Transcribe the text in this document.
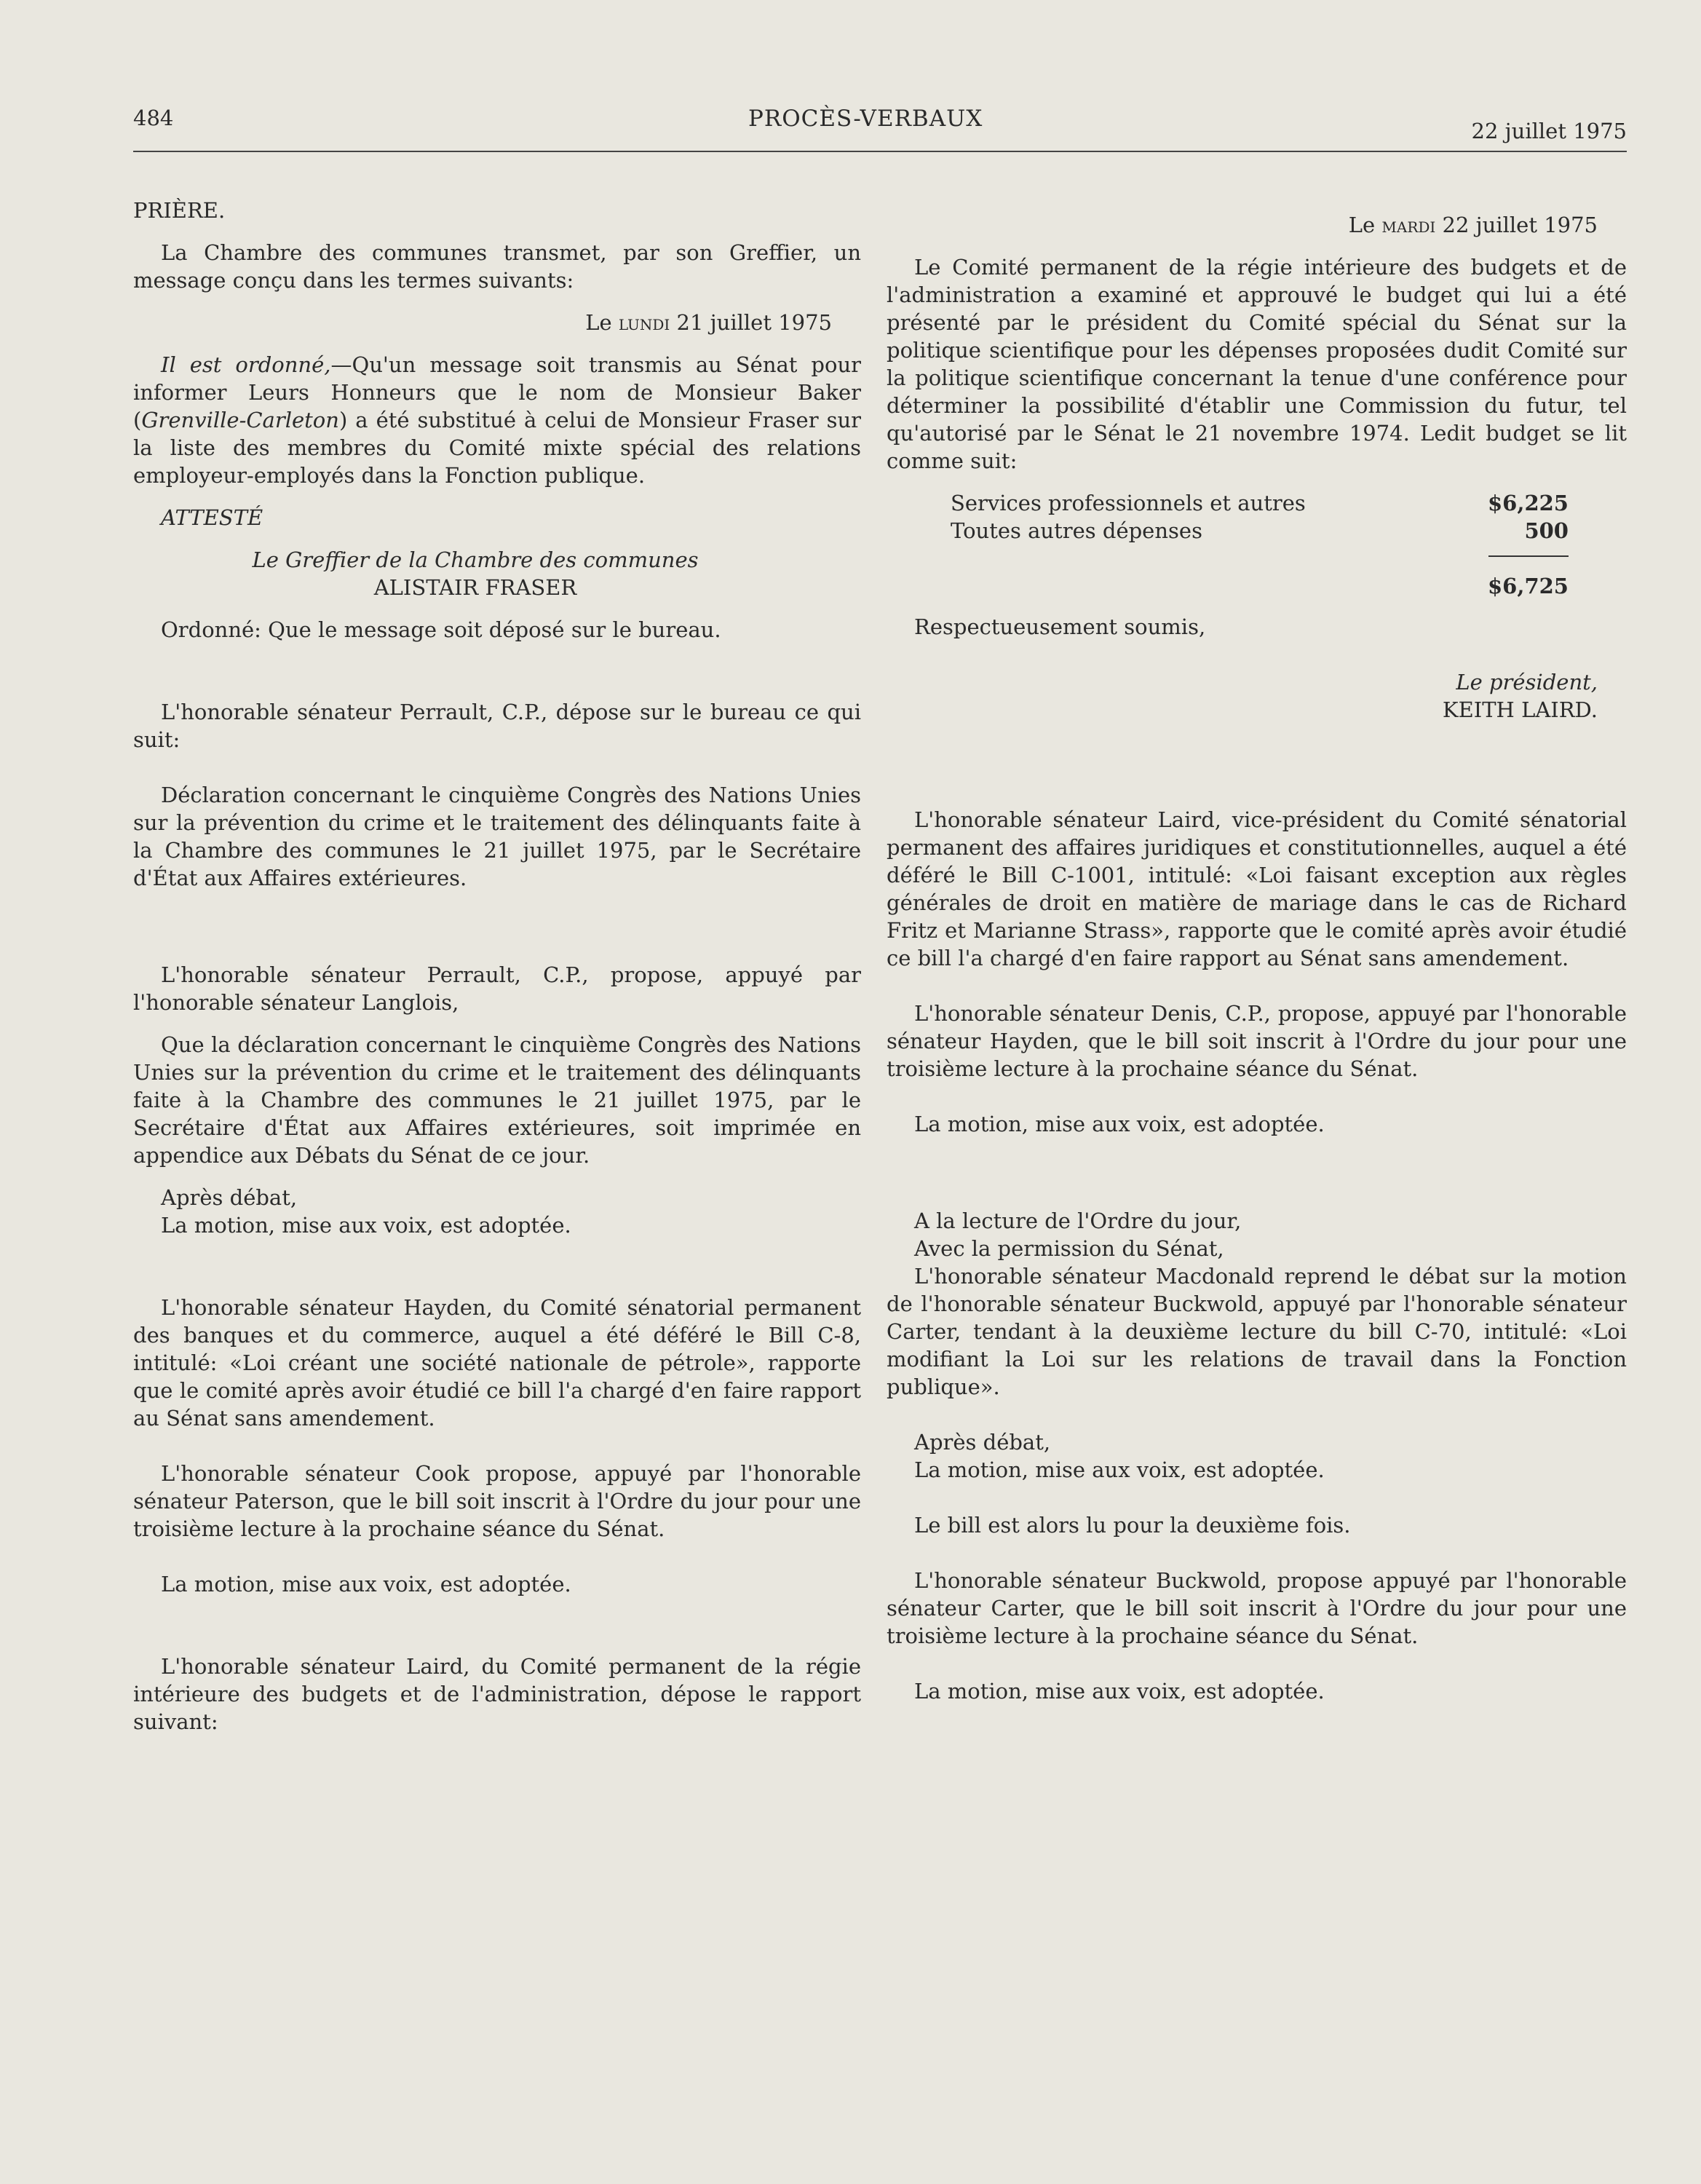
484	PROCÈS-VERBAUX	22 juillet 1975

PRIÈRE.

La Chambre des communes transmet, par son Greffier, un message conçu dans les termes suivants:

Le lundi 21 juillet 1975

Il est ordonné,—Qu'un message soit transmis au Sénat pour informer Leurs Honneurs que le nom de Monsieur Baker (Grenville-Carleton) a été substitué à celui de Monsieur Fraser sur la liste des membres du Comité mixte spécial des relations employeur-employés dans la Fonction publique.

ATTESTÉ

Le Greffier de la Chambre des communes

ALISTAIR FRASER

Ordonné: Que le message soit déposé sur le bureau.

L'honorable sénateur Perrault, C.P., dépose sur le bureau ce qui suit:

Déclaration concernant le cinquième Congrès des Nations Unies sur la prévention du crime et le traitement des délinquants faite à la Chambre des communes le 21 juillet 1975, par le Secrétaire d'État aux Affaires extérieures.

L'honorable sénateur Perrault, C.P., propose, appuyé par l'honorable sénateur Langlois,

Que la déclaration concernant le cinquième Congrès des Nations Unies sur la prévention du crime et le traitement des délinquants faite à la Chambre des communes le 21 juillet 1975, par le Secrétaire d'État aux Affaires extérieures, soit imprimée en appendice aux Débats du Sénat de ce jour.

Après débat,

La motion, mise aux voix, est adoptée.

L'honorable sénateur Hayden, du Comité sénatorial permanent des banques et du commerce, auquel a été déféré le Bill C-8, intitulé: «Loi créant une société nationale de pétrole», rapporte que le comité après avoir étudié ce bill l'a chargé d'en faire rapport au Sénat sans amendement.

L'honorable sénateur Cook propose, appuyé par l'honorable sénateur Paterson, que le bill soit inscrit à l'Ordre du jour pour une troisième lecture à la prochaine séance du Sénat.

La motion, mise aux voix, est adoptée.

L'honorable sénateur Laird, du Comité permanent de la régie intérieure des budgets et de l'administration, dépose le rapport suivant:

Le mardi 22 juillet 1975

Le Comité permanent de la régie intérieure des budgets et de l'administration a examiné et approuvé le budget qui lui a été présenté par le président du Comité spécial du Sénat sur la politique scientifique pour les dépenses proposées dudit Comité sur la politique scientifique concernant la tenue d'une conférence pour déterminer la possibilité d'établir une Commission du futur, tel qu'autorisé par le Sénat le 21 novembre 1974. Ledit budget se lit comme suit:

Services professionnels et autres	$6,225
Toutes autres dépenses	500
$6,725

Respectueusement soumis,

Le président,

KEITH LAIRD.

L'honorable sénateur Laird, vice-président du Comité sénatorial permanent des affaires juridiques et constitutionnelles, auquel a été déféré le Bill C-1001, intitulé: «Loi faisant exception aux règles générales de droit en matière de mariage dans le cas de Richard Fritz et Marianne Strass», rapporte que le comité après avoir étudié ce bill l'a chargé d'en faire rapport au Sénat sans amendement.

L'honorable sénateur Denis, C.P., propose, appuyé par l'honorable sénateur Hayden, que le bill soit inscrit à l'Ordre du jour pour une troisième lecture à la prochaine séance du Sénat.

La motion, mise aux voix, est adoptée.

A la lecture de l'Ordre du jour,

Avec la permission du Sénat,

L'honorable sénateur Macdonald reprend le débat sur la motion de l'honorable sénateur Buckwold, appuyé par l'honorable sénateur Carter, tendant à la deuxième lecture du bill C-70, intitulé: «Loi modifiant la Loi sur les relations de travail dans la Fonction publique».

Après débat,

La motion, mise aux voix, est adoptée.

Le bill est alors lu pour la deuxième fois.

L'honorable sénateur Buckwold, propose appuyé par l'honorable sénateur Carter, que le bill soit inscrit à l'Ordre du jour pour une troisième lecture à la prochaine séance du Sénat.

La motion, mise aux voix, est adoptée.
